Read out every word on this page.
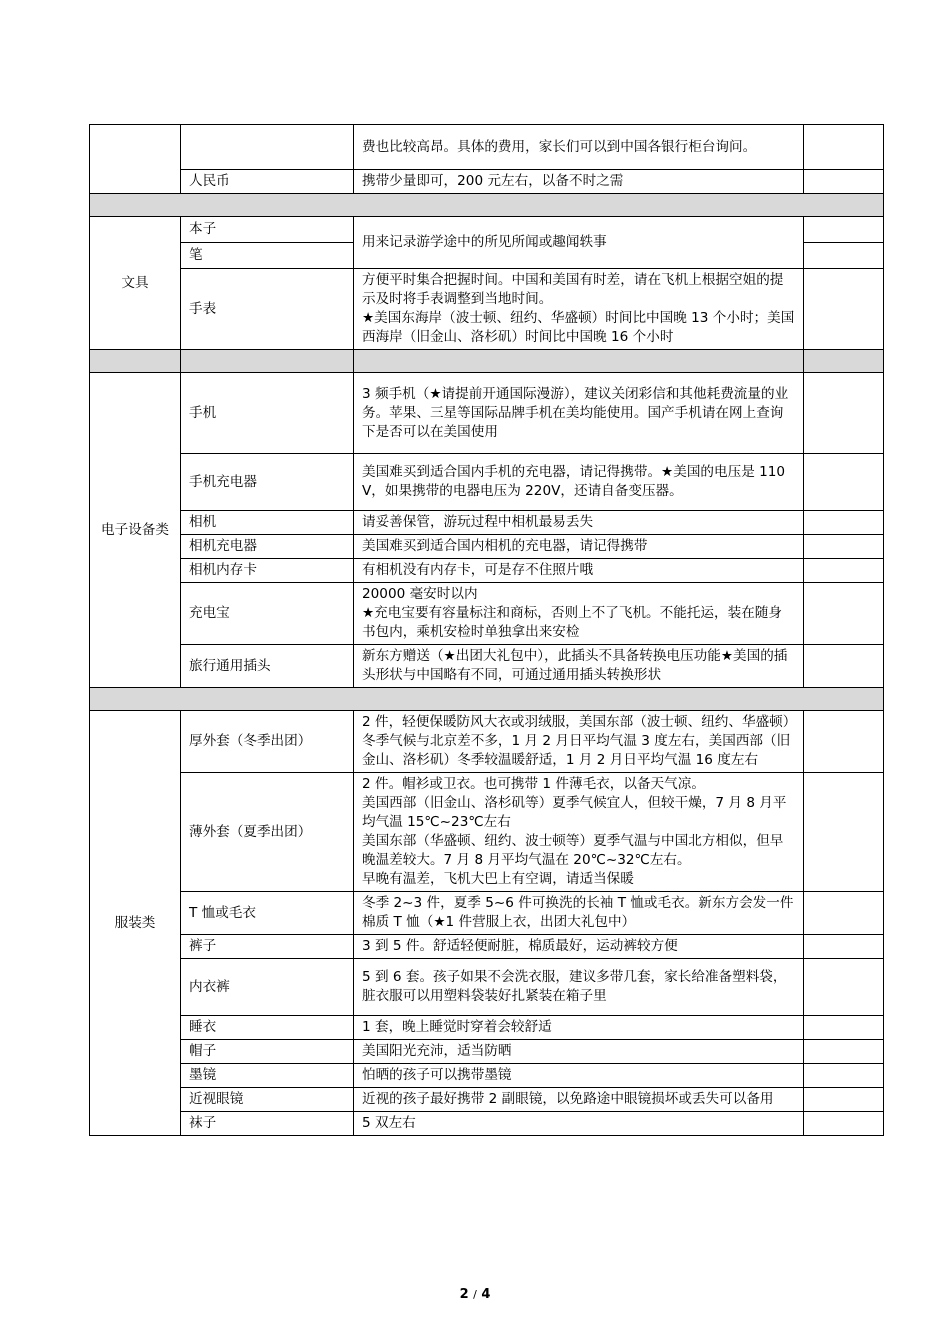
		费也比较高昂。具体的费用，家长们可以到中国各银行柜台询问。	
	人民币	携带少量即可，200 元左右，以备不时之需	

文具	本子	用来记录游学途中的所见所闻或趣闻轶事	
	笔		
	手表	方便平时集合把握时间。中国和美国有时差，请在飞机上根据空姐的提示及时将手表调整到当地时间。
★美国东海岸（波士顿、纽约、华盛顿）时间比中国晚 13 个小时；美国西海岸（旧金山、洛杉矶）时间比中国晚 16 个小时	

电子设备类	手机	3 频手机（★请提前开通国际漫游），建议关闭彩信和其他耗费流量的业务。苹果、三星等国际品牌手机在美均能使用。国产手机请在网上查询下是否可以在美国使用	
	手机充电器	美国难买到适合国内手机的充电器，请记得携带。★美国的电压是 110V，如果携带的电器电压为 220V，还请自备变压器。	
	相机	请妥善保管，游玩过程中相机最易丢失	
	相机充电器	美国难买到适合国内相机的充电器，请记得携带	
	相机内存卡	有相机没有内存卡，可是存不住照片哦	
	充电宝	20000 毫安时以内
★充电宝要有容量标注和商标，否则上不了飞机。不能托运，装在随身书包内，乘机安检时单独拿出来安检	

	旅行通用插头	新东方赠送（★出团大礼包中），此插头不具备转换电压功能★美国的插头形状与中国略有不同，可通过通用插头转换形状	

服装类	厚外套（冬季出团）	2 件，轻便保暖防风大衣或羽绒服，美国东部（波士顿、纽约、华盛顿）冬季气候与北京差不多，1 月 2 月日平均气温 3 度左右，美国西部（旧金山、洛杉矶）冬季较温暖舒适，1 月 2 月日平均气温 16 度左右	
	薄外套（夏季出团）	2 件。帽衫或卫衣。也可携带 1 件薄毛衣，以备天气凉。
美国西部（旧金山、洛杉矶等）夏季气候宜人，但较干燥，7 月 8 月平均气温 15℃~23℃左右
美国东部（华盛顿、纽约、波士顿等）夏季气温与中国北方相似，但早晚温差较大。7 月 8 月平均气温在 20℃~32℃左右。
早晚有温差，飞机大巴上有空调，请适当保暖	

	T 恤或毛衣	冬季 2~3 件，夏季 5~6 件可换洗的长袖 T 恤或毛衣。新东方会发一件棉质 T 恤（★1 件营服上衣，出团大礼包中）	
	裤子	3 到 5 件。舒适轻便耐脏，棉质最好，运动裤较方便	
	内衣裤	5 到 6 套。孩子如果不会洗衣服，建议多带几套，家长给准备塑料袋，脏衣服可以用塑料袋装好扎紧装在箱子里	
	睡衣	1 套，晚上睡觉时穿着会较舒适	
	帽子	美国阳光充沛，适当防晒	
	墨镜	怕晒的孩子可以携带墨镜	
	近视眼镜	近视的孩子最好携带 2 副眼镜，以免路途中眼镜损坏或丢失可以备用	
	袜子	5 双左右	
2 / 4
